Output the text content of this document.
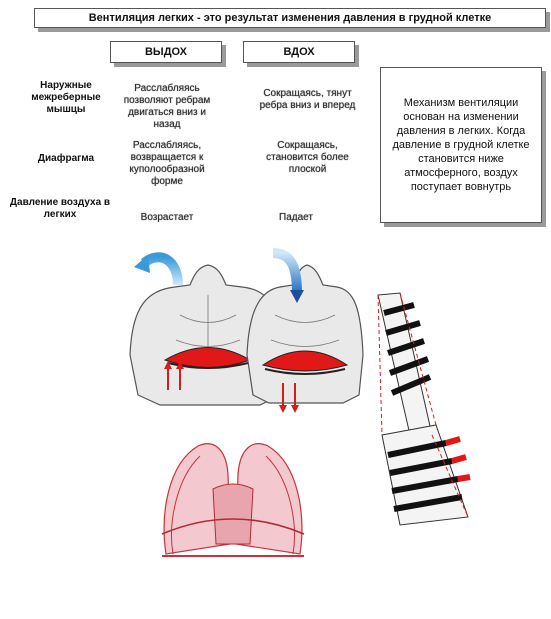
Вентиляция легких - это результат изменения давления в грудной клетке
ВЫДОХ	ВДОХ
Наружные межреберные мышцы
Диафрагма
Давление воздуха в легких
Расслабляясь позволяют ребрам двигаться вниз и назад
Сокращаясь, тянут ребра вниз и вперед
Расслабляясь, возвращается к куполообразной форме
Сокращаясь, становится более плоской
Возрастает	Падает
Механизм вентиляции основан на изменении давления в легких. Когда давление в грудной клетке становится ниже атмосферного, воздух поступает вовнутрь
